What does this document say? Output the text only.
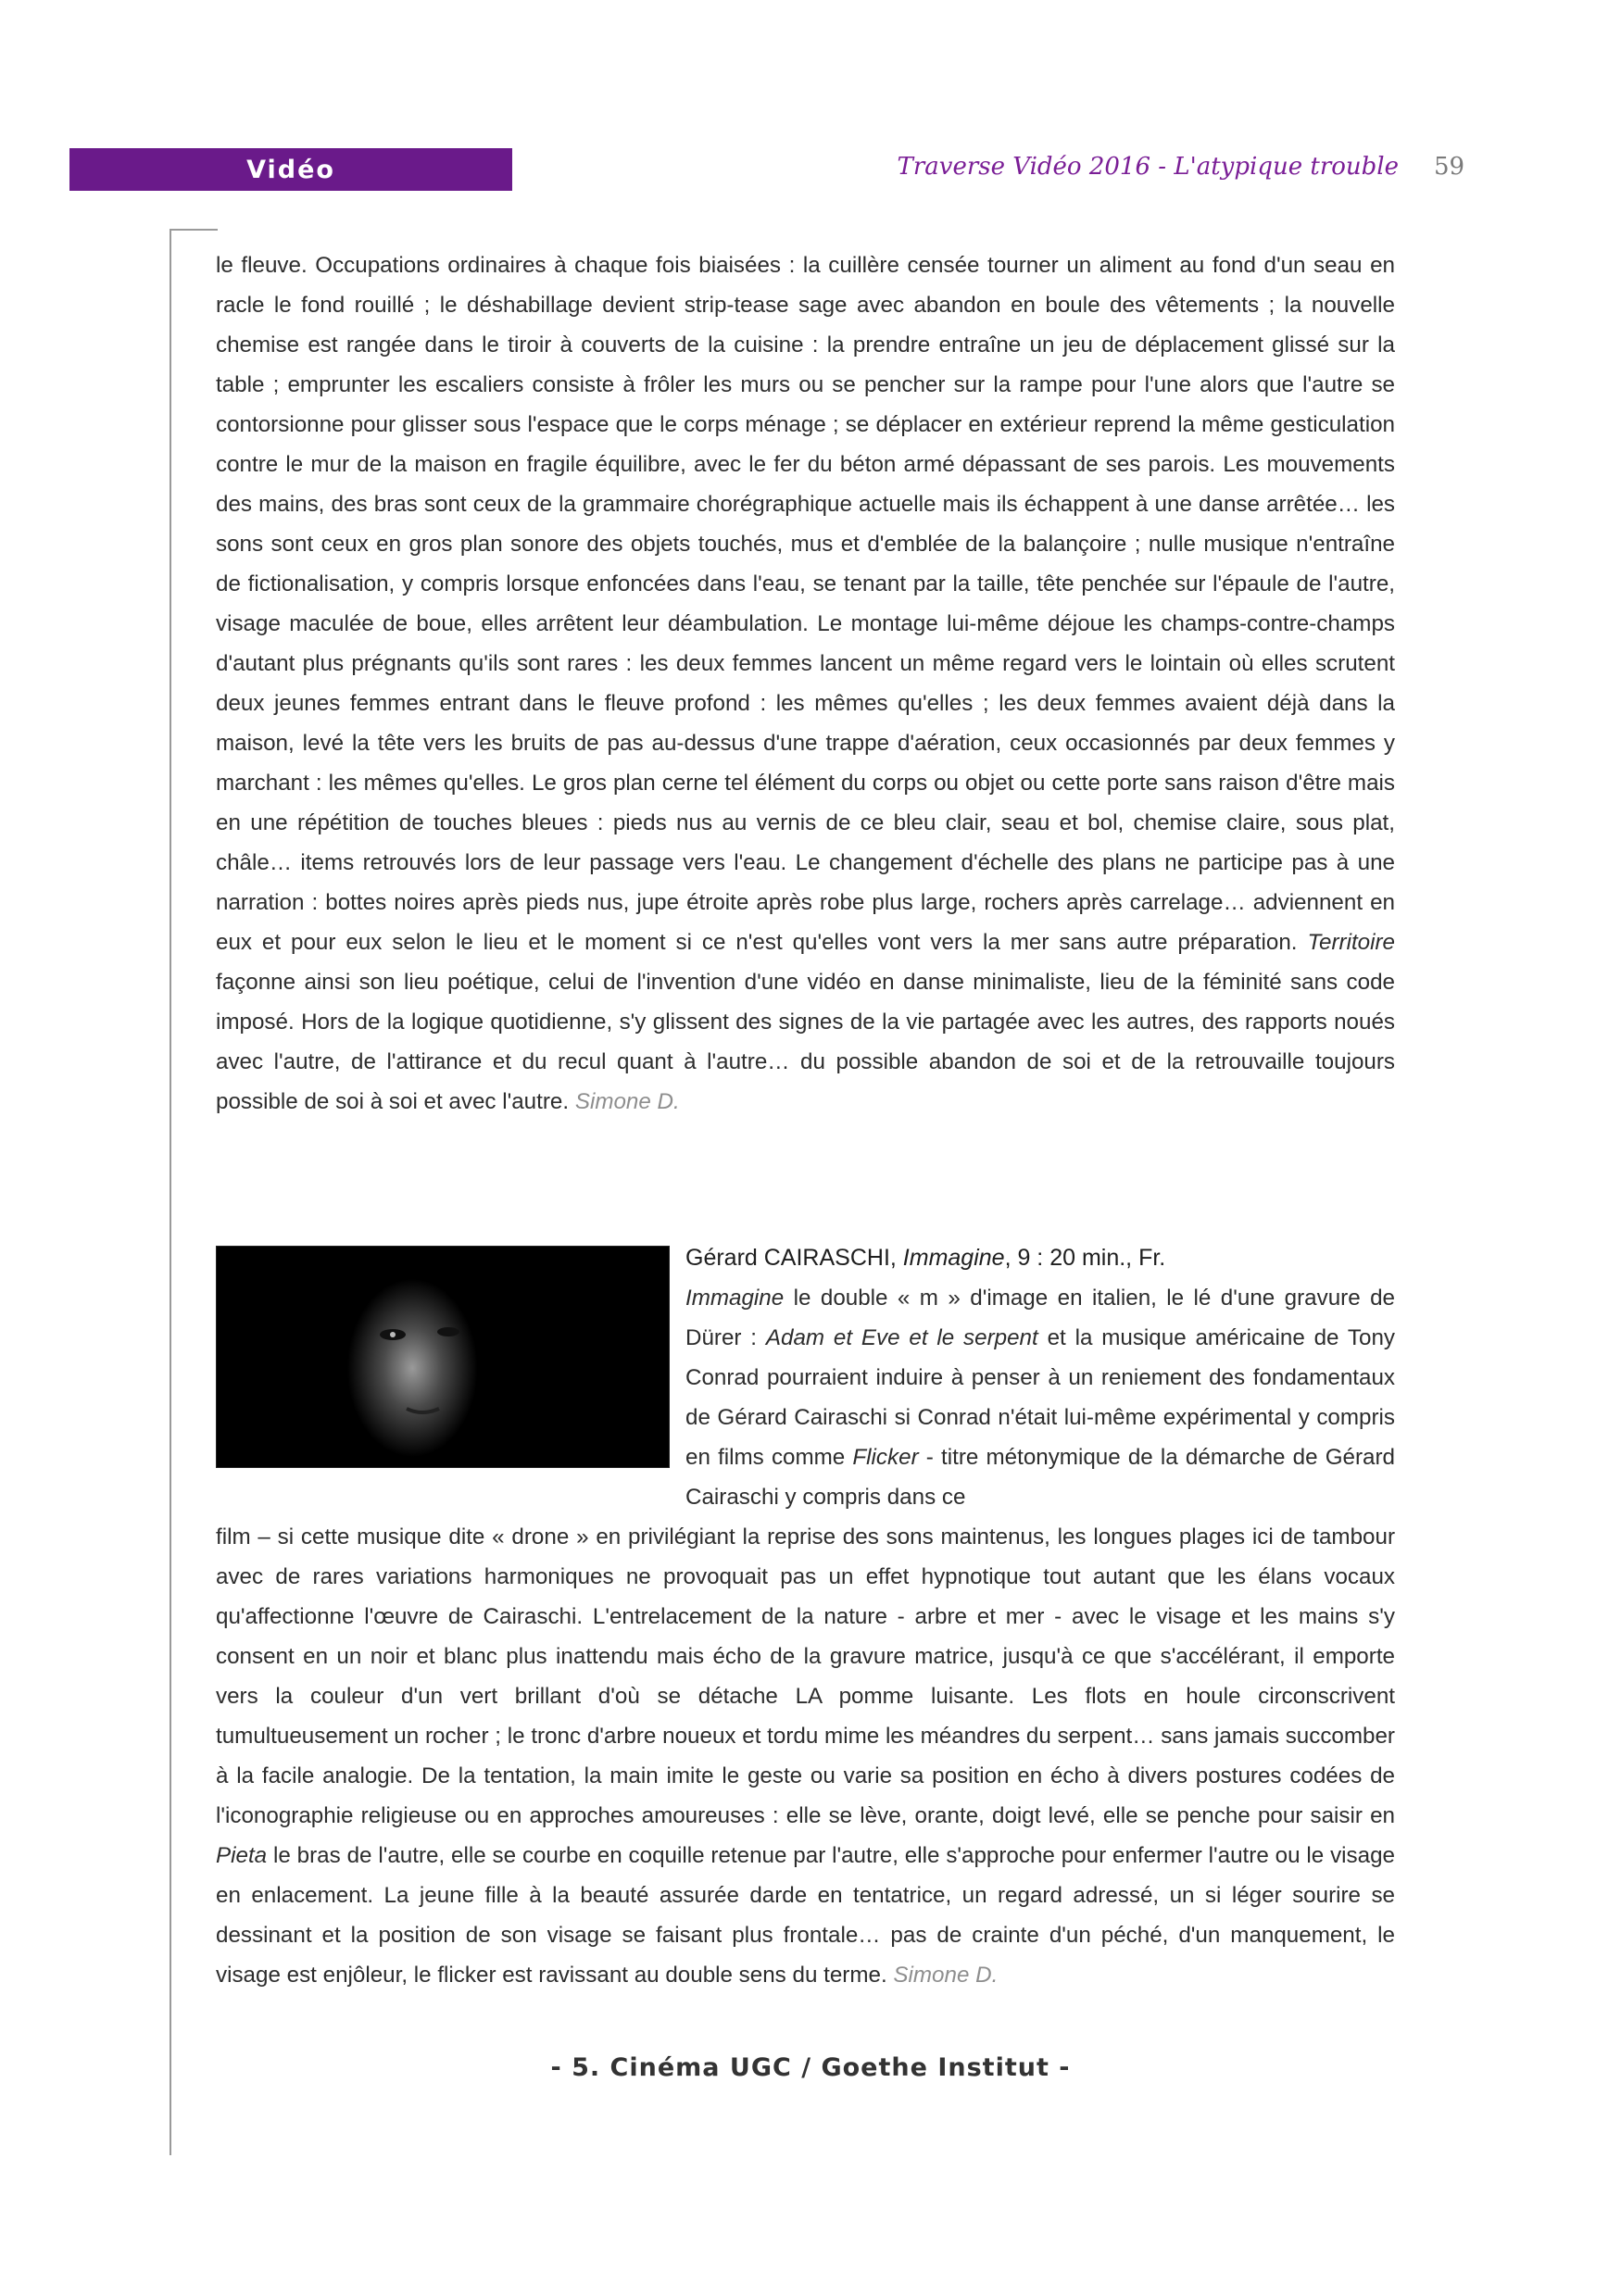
Vidéo	Traverse Vidéo 2016 - L'atypique trouble 59
le fleuve. Occupations ordinaires à chaque fois biaisées : la cuillère censée tourner un aliment au fond d'un seau en racle le fond rouillé ; le déshabillage devient strip-tease sage avec abandon en boule des vêtements ; la nouvelle chemise est rangée dans le tiroir à couverts de la cuisine : la prendre entraîne un jeu de déplacement glissé sur la table ; emprunter les escaliers consiste à frôler les murs ou se pencher sur la rampe pour l'une alors que l'autre se contorsionne pour glisser sous l'espace que le corps ménage ; se déplacer en extérieur reprend la même gesticulation contre le mur de la maison en fragile équilibre, avec le fer du béton armé dépassant de ses parois. Les mouvements des mains, des bras sont ceux de la grammaire chorégraphique actuelle mais ils échappent à une danse arrêtée… les sons sont ceux en gros plan sonore des objets touchés, mus et d'emblée de la balançoire ; nulle musique n'entraîne de fictionalisation, y compris lorsque enfoncées dans l'eau, se tenant par la taille, tête penchée sur l'épaule de l'autre, visage maculée de boue, elles arrêtent leur déambulation. Le montage lui-même déjoue les champs-contre-champs d'autant plus prégnants qu'ils sont rares : les deux femmes lancent un même regard vers le lointain où elles scrutent deux jeunes femmes entrant dans le fleuve profond : les mêmes qu'elles ; les deux femmes avaient déjà dans la maison, levé la tête vers les bruits de pas au-dessus d'une trappe d'aération, ceux occasionnés par deux femmes y marchant : les mêmes qu'elles. Le gros plan cerne tel élément du corps ou objet ou cette porte sans raison d'être mais en une répétition de touches bleues : pieds nus au vernis de ce bleu clair, seau et bol, chemise claire, sous plat, châle… items retrouvés lors de leur passage vers l'eau. Le changement d'échelle des plans ne participe pas à une narration : bottes noires après pieds nus, jupe étroite après robe plus large, rochers après carrelage… adviennent en eux et pour eux selon le lieu et le moment si ce n'est qu'elles vont vers la mer sans autre préparation. Territoire façonne ainsi son lieu poétique, celui de l'invention d'une vidéo en danse minimaliste, lieu de la féminité sans code imposé. Hors de la logique quotidienne, s'y glissent des signes de la vie partagée avec les autres, des rapports noués avec l'autre, de l'attirance et du recul quant à l'autre… du possible abandon de soi et de la retrouvaille toujours possible de soi à soi et avec l'autre. Simone D.
Gérard CAIRASCHI, Immagine, 9 : 20 min., Fr.
Immagine le double « m » d'image en italien, le lé d'une gravure de Dürer : Adam et Eve et le serpent et la musique américaine de Tony Conrad pourraient induire à penser à un reniement des fondamentaux de Gérard Cairaschi si Conrad n'était lui-même expérimental y compris en films comme Flicker - titre métonymique de la démarche de Gérard Cairaschi y compris dans ce
film – si cette musique dite « drone » en privilégiant la reprise des sons maintenus, les longues plages ici de tambour avec de rares variations harmoniques ne provoquait pas un effet hypnotique tout autant que les élans vocaux qu'affectionne l'œuvre de Cairaschi. L'entrelacement de la nature - arbre et mer - avec le visage et les mains s'y consent en un noir et blanc plus inattendu mais écho de la gravure matrice, jusqu'à ce que s'accélérant, il emporte vers la couleur d'un vert brillant d'où se détache LA pomme luisante. Les flots en houle circonscrivent tumultueusement un rocher ; le tronc d'arbre noueux et tordu mime les méandres du serpent… sans jamais succomber à la facile analogie. De la tentation, la main imite le geste ou varie sa position en écho à divers postures codées de l'iconographie religieuse ou en approches amoureuses : elle se lève, orante, doigt levé, elle se penche pour saisir en Pieta le bras de l'autre, elle se courbe en coquille retenue par l'autre, elle s'approche pour enfermer l'autre ou le visage en enlacement. La jeune fille à la beauté assurée darde en tentatrice, un regard adressé, un si léger sourire se dessinant et la position de son visage se faisant plus frontale… pas de crainte d'un péché, d'un manquement, le visage est enjôleur, le flicker est ravissant au double sens du terme. Simone D.
- 5. Cinéma UGC / Goethe Institut -
